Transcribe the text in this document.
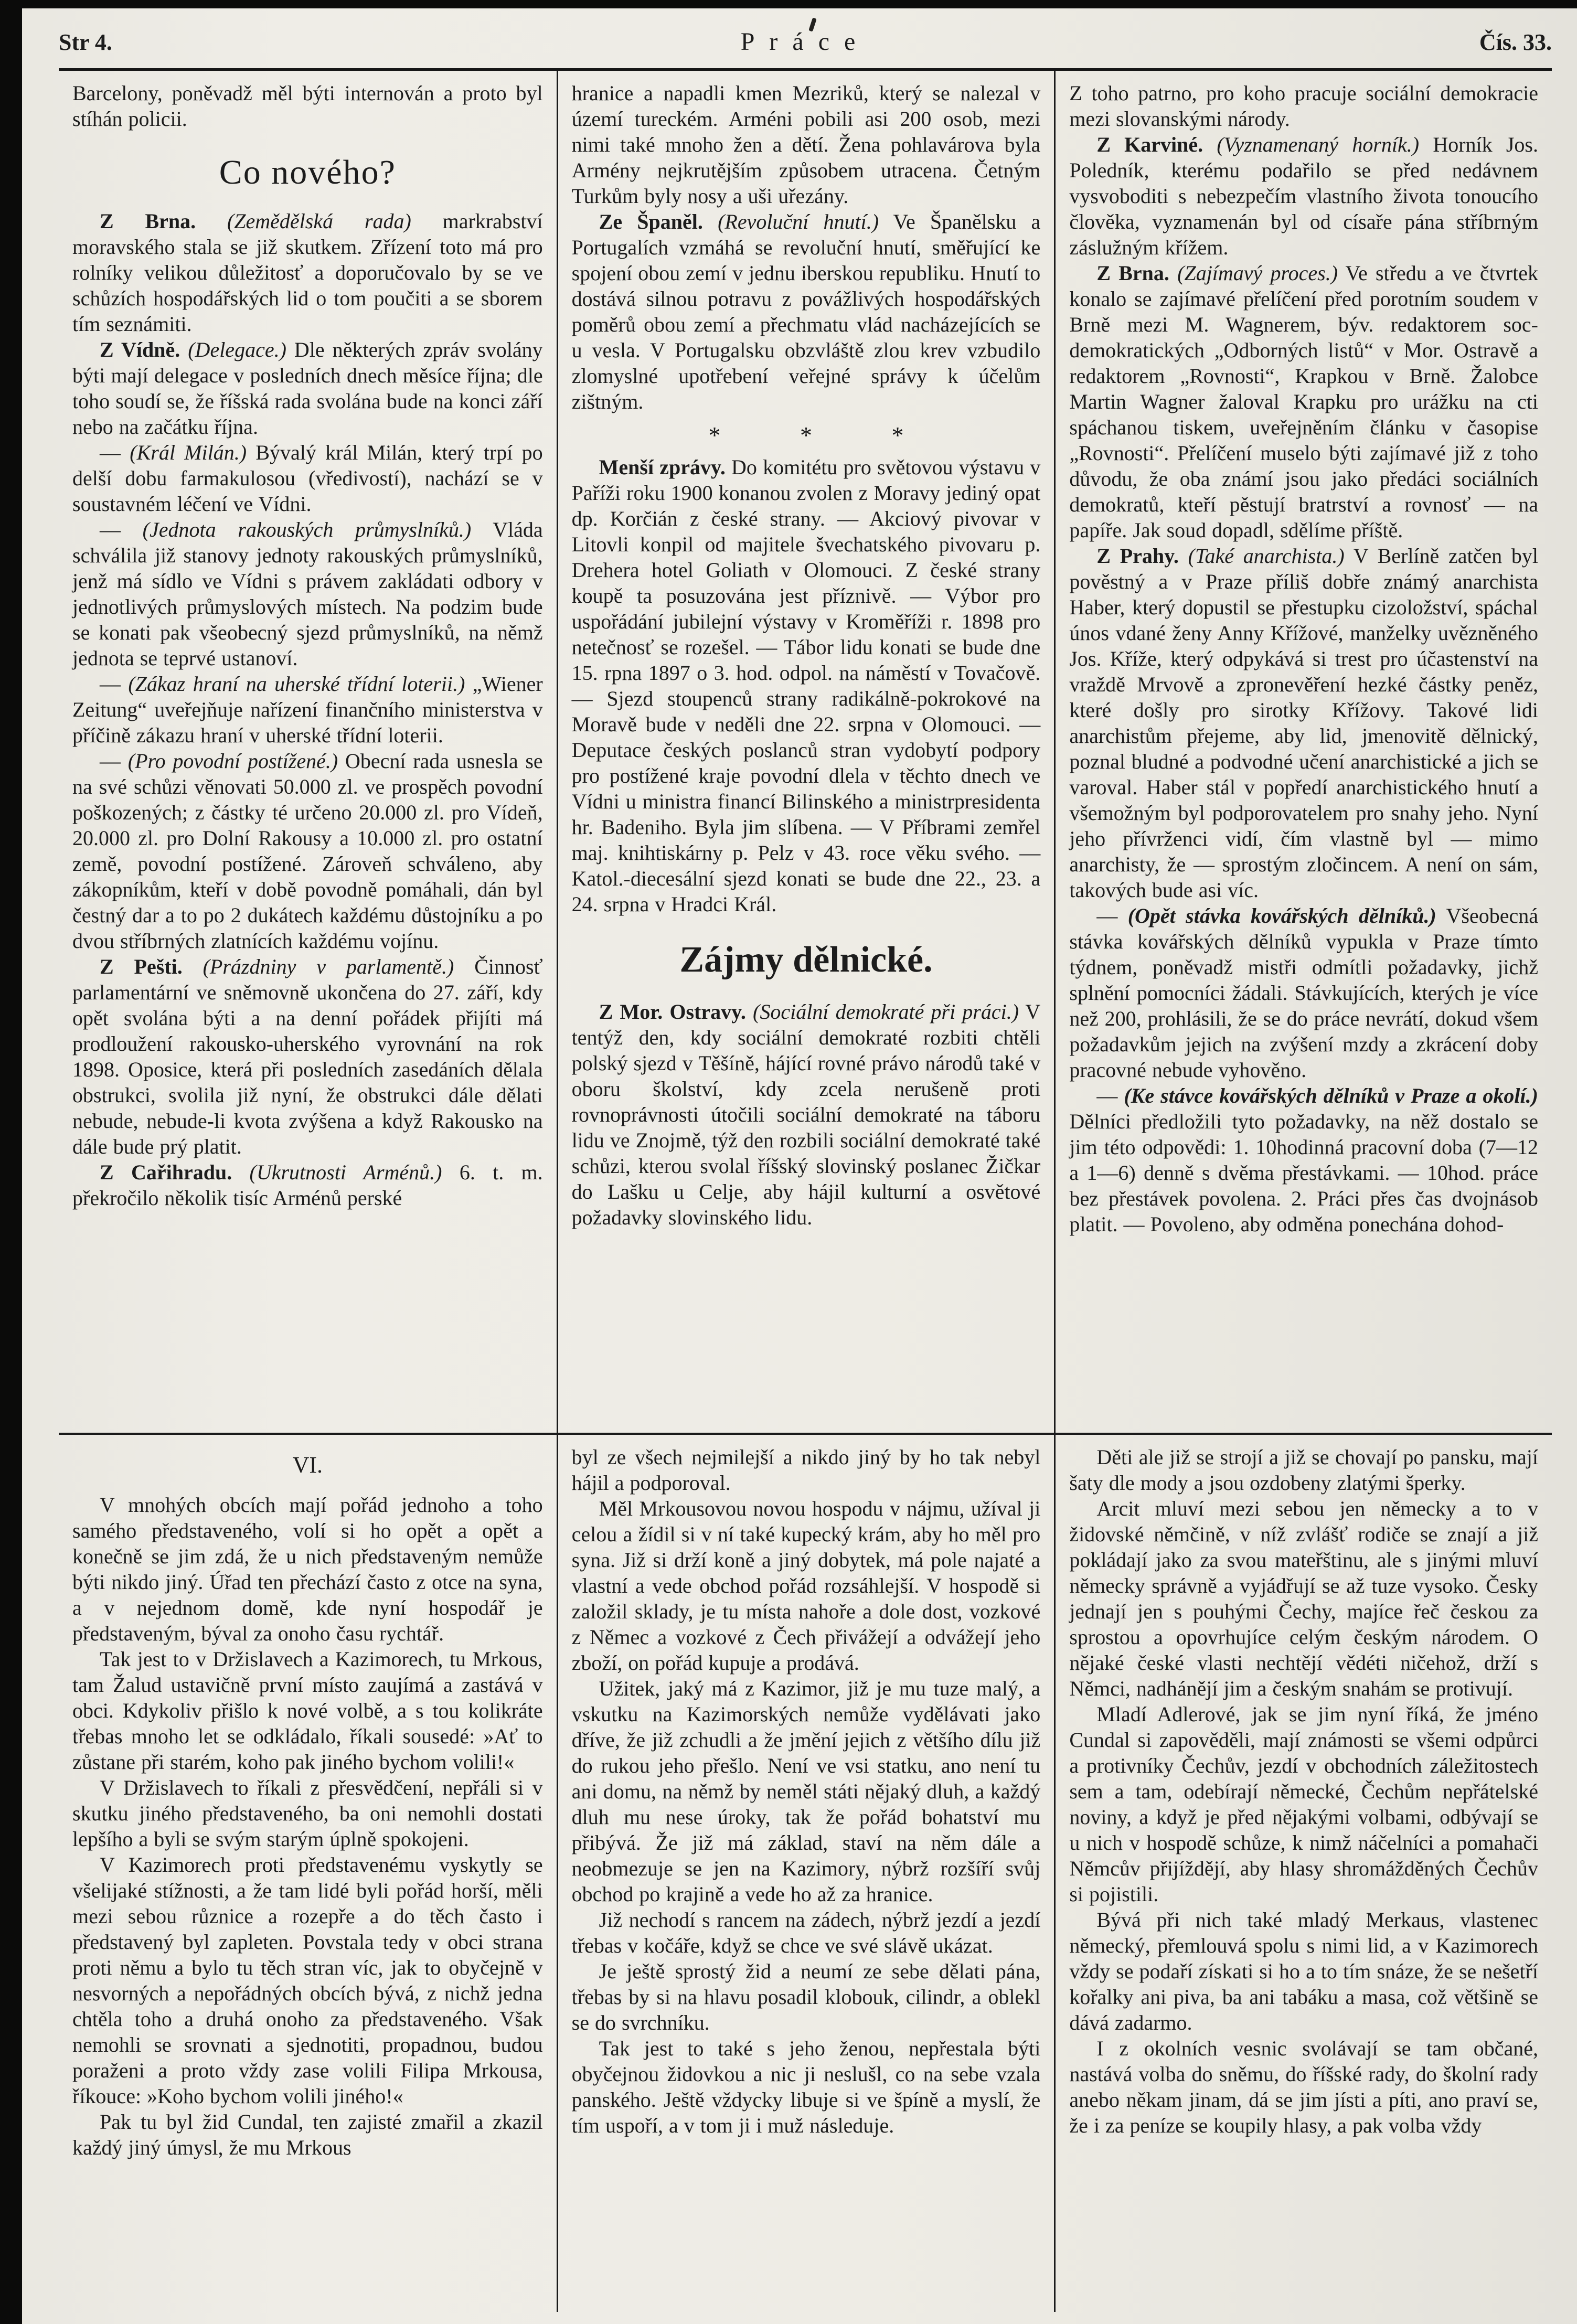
Str 4.	Práce	Čís. 33.

Barcelony, poněvadž měl býti internován a proto byl stíhán policii.

Co nového?

Z Brna. (Zemědělská rada) markrabství moravského stala se již skutkem. Zřízení toto má pro rolníky velikou důležitosť a doporučovalo by se ve schůzích hospodářských lid o tom poučiti a se sborem tím seznámiti.

Z Vídně. (Delegace.) Dle některých zpráv svolány býti mají delegace v posledních dnech měsíce října; dle toho soudí se, že říšská rada svolána bude na konci září nebo na začátku října.

— (Král Milán.) Bývalý král Milán, který trpí po delší dobu farmakulosou (vředivostí), nachází se v soustavném léčení ve Vídni.

— (Jednota rakouských průmyslníků.) Vláda schválila již stanovy jednoty rakouských průmyslníků, jenž má sídlo ve Vídni s právem zakládati odbory v jednotlivých průmyslových místech. Na podzim bude se konati pak všeobecný sjezd průmyslníků, na němž jednota se teprvé ustanoví.

— (Zákaz hraní na uherské třídní loterii.) „Wiener Zeitung“ uveřejňuje nařízení finančního ministerstva v příčině zákazu hraní v uherské třídní loterii.

— (Pro povodní postížené.) Obecní rada usnesla se na své schůzi věnovati 50.000 zl. ve prospěch povodní poškozených; z částky té určeno 20.000 zl. pro Vídeň, 20.000 zl. pro Dolní Rakousy a 10.000 zl. pro ostatní země, povodní postížené. Zároveň schváleno, aby zákopníkům, kteří v době povodně pomáhali, dán byl čestný dar a to po 2 dukátech každému důstojníku a po dvou stříbrných zlatnících každému vojínu.

Z Pešti. (Prázdniny v parlamentě.) Činnosť parlamentární ve sněmovně ukončena do 27. září, kdy opět svolána býti a na denní pořádek přijíti má prodloužení rakousko-uherského vyrovnání na rok 1898. Oposice, která při posledních zasedáních dělala obstrukci, svolila již nyní, že obstrukci dále dělati nebude, nebude-li kvota zvýšena a když Rakousko na dále bude prý platit.

Z Cařihradu. (Ukrutnosti Arménů.) 6. t. m. překročilo několik tisíc Arménů perské

hranice a napadli kmen Mezriků, který se nalezal v území tureckém. Arméni pobili asi 200 osob, mezi nimi také mnoho žen a dětí. Žena pohlavárova byla Armény nejkrutějším způsobem utracena. Četným Turkům byly nosy a uši uřezány.

Ze Španěl. (Revoluční hnutí.) Ve Španělsku a Portugalích vzmáhá se revoluční hnutí, směřující ke spojení obou zemí v jednu iberskou republiku. Hnutí to dostává silnou potravu z povážlivých hospodářských poměrů obou zemí a přechmatu vlád nacházejících se u vesla. V Portugalsku obzvláště zlou krev vzbudilo zlomyslné upotřebení veřejné správy k účelům zištným.

* * *

Menší zprávy. Do komitétu pro světovou výstavu v Paříži roku 1900 konanou zvolen z Moravy jediný opat dp. Korčián z české strany. — Akciový pivovar v Litovli konpil od majitele švechatského pivovaru p. Drehera hotel Goliath v Olomouci. Z české strany koupě ta posuzována jest příznivě. — Výbor pro uspořádání jubilejní výstavy v Kroměříži r. 1898 pro netečnosť se rozešel. — Tábor lidu konati se bude dne 15. rpna 1897 o 3. hod. odpol. na náměstí v Tovačově. — Sjezd stoupenců strany radikálně-pokrokové na Moravě bude v neděli dne 22. srpna v Olomouci. — Deputace českých poslanců stran vydobytí podpory pro postížené kraje povodní dlela v těchto dnech ve Vídni u ministra financí Bilinského a ministrpresidenta hr. Badeniho. Byla jim slíbena. — V Příbrami zemřel maj. knihtiskárny p. Pelz v 43. roce věku svého. — Katol.-diecesální sjezd konati se bude dne 22., 23. a 24. srpna v Hradci Král.

Zájmy dělnické.

Z Mor. Ostravy. (Sociální demokraté při práci.) V tentýž den, kdy sociální demokraté rozbiti chtěli polský sjezd v Těšíně, hájící rovné právo národů také v oboru školství, kdy zcela nerušeně proti rovnoprávnosti útočili sociální demokraté na táboru lidu ve Znojmě, týž den rozbili sociální demokraté také schůzi, kterou svolal říšský slovinský poslanec Žičkar do Lašku u Celje, aby hájil kulturní a osvětové požadavky slovinského lidu.

Z toho patrno, pro koho pracuje sociální demokracie mezi slovanskými národy.

Z Karviné. (Vyznamenaný horník.) Horník Jos. Poledník, kterému podařilo se před nedávnem vysvoboditi s nebezpečím vlastního života tonoucího člověka, vyznamenán byl od císaře pána stříbrným záslužným křížem.

Z Brna. (Zajímavý proces.) Ve středu a ve čtvrtek konalo se zajímavé přelíčení před porotním soudem v Brně mezi M. Wagnerem, býv. redaktorem soc-demokratických „Odborných listů“ v Mor. Ostravě a redaktorem „Rovnosti“, Krapkou v Brně. Žalobce Martin Wagner žaloval Krapku pro urážku na cti spáchanou tiskem, uveřejněním článku v časopise „Rovnosti“. Přelíčení muselo býti zajímavé již z toho důvodu, že oba známí jsou jako předáci sociálních demokratů, kteří pěstují bratrství a rovnosť — na papíře. Jak soud dopadl, sdělíme příště.

Z Prahy. (Také anarchista.) V Berlíně zatčen byl pověstný a v Praze příliš dobře známý anarchista Haber, který dopustil se přestupku cizoložství, spáchal únos vdané ženy Anny Křížové, manželky uvězněného Jos. Kříže, který odpykává si trest pro účastenství na vraždě Mrvově a zpronevěření hezké částky peněz, které došly pro sirotky Křížovy. Takové lidi anarchistům přejeme, aby lid, jmenovitě dělnický, poznal bludné a podvodné učení anarchistické a jich se varoval. Haber stál v popředí anarchistického hnutí a všemožným byl podporovatelem pro snahy jeho. Nyní jeho přívrženci vidí, čím vlastně byl — mimo anarchisty, že — sprostým zločincem. A není on sám, takových bude asi víc.

— (Opět stávka kovářských dělníků.) Všeobecná stávka kovářských dělníků vypukla v Praze tímto týdnem, poněvadž mistři odmítli požadavky, jichž splnění pomocníci žádali. Stávkujících, kterých je více než 200, prohlásili, že se do práce nevrátí, dokud všem požadavkům jejich na zvýšení mzdy a zkrácení doby pracovné nebude vyhověno.

— (Ke stávce kovářských dělníků v Praze a okolí.) Dělníci předložili tyto požadavky, na něž dostalo se jim této odpovědi: 1. 10hodinná pracovní doba (7—12 a 1—6) denně s dvěma přestávkami. — 10hod. práce bez přestávek povolena. 2. Práci přes čas dvojnásob platit. — Povoleno, aby odměna ponechána dohod-

VI.

V mnohých obcích mají pořád jednoho a toho samého představeného, volí si ho opět a opět a konečně se jim zdá, že u nich představeným nemůže býti nikdo jiný. Úřad ten přechází často z otce na syna, a v nejednom domě, kde nyní hospodář je představeným, býval za onoho času rychtář.

Tak jest to v Držislavech a Kazimorech, tu Mrkous, tam Žalud ustavičně první místo zaujímá a zastává v obci. Kdykoliv přišlo k nové volbě, a s tou kolikráte třebas mnoho let se odkládalo, říkali sousedé: »Ať to zůstane při starém, koho pak jiného bychom volili!«

V Držislavech to říkali z přesvědčení, nepřáli si v skutku jiného představeného, ba oni nemohli dostati lepšího a byli se svým starým úplně spokojeni.

V Kazimorech proti představenému vyskytly se všelijaké stížnosti, a že tam lidé byli pořád horší, měli mezi sebou různice a rozepře a do těch často i představený byl zapleten. Povstala tedy v obci strana proti němu a bylo tu těch stran víc, jak to obyčejně v nesvorných a nepořádných obcích bývá, z nichž jedna chtěla toho a druhá onoho za představeného. Však nemohli se srovnati a sjednotiti, propadnou, budou poraženi a proto vždy zase volili Filipa Mrkousa, říkouce: »Koho bychom volili jiného!«

Pak tu byl žid Cundal, ten zajisté zmařil a zkazil každý jiný úmysl, že mu Mrkous

byl ze všech nejmilejší a nikdo jiný by ho tak nebyl hájil a podporoval.

Měl Mrkousovou novou hospodu v nájmu, užíval ji celou a žídil si v ní také kupecký krám, aby ho měl pro syna. Již si drží koně a jiný dobytek, má pole najaté a vlastní a vede obchod pořád rozsáhlejší. V hospodě si založil sklady, je tu místa nahoře a dole dost, vozkové z Němec a vozkové z Čech přivážejí a odvážejí jeho zboží, on pořád kupuje a prodává.

Užitek, jaký má z Kazimor, již je mu tuze malý, a vskutku na Kazimorských nemůže vydělávati jako dříve, že již zchudli a že jmění jejich z většího dílu již do rukou jeho přešlo. Není ve vsi statku, ano není tu ani domu, na němž by neměl státi nějaký dluh, a každý dluh mu nese úroky, tak že pořád bohatství mu přibývá. Že již má základ, staví na něm dále a neobmezuje se jen na Kazimory, nýbrž rozšíří svůj obchod po krajině a vede ho až za hranice.

Již nechodí s rancem na zádech, nýbrž jezdí a jezdí třebas v kočáře, když se chce ve své slávě ukázat.

Je ještě sprostý žid a neumí ze sebe dělati pána, třebas by si na hlavu posadil klobouk, cilindr, a oblekl se do svrchníku.

Tak jest to také s jeho ženou, nepřestala býti obyčejnou židovkou a nic ji neslušl, co na sebe vzala panského. Ještě vždycky libuje si ve špíně a myslí, že tím uspoří, a v tom ji i muž následuje.

Děti ale již se strojí a již se chovají po pansku, mají šaty dle mody a jsou ozdobeny zlatými šperky.

Arcit mluví mezi sebou jen německy a to v židovské němčině, v níž zvlášť rodiče se znají a již pokládají jako za svou mateřštinu, ale s jinými mluví německy správně a vyjádřují se až tuze vysoko. Česky jednají jen s pouhými Čechy, majíce řeč českou za sprostou a opovrhujíce celým českým národem. O nějaké české vlasti nechtějí vědéti ničehož, drží s Němci, nadhánějí jim a českým snahám se protivují.

Mladí Adlerové, jak se jim nyní říká, že jméno Cundal si zapověděli, mají známosti se všemi odpůrci a protivníky Čechův, jezdí v obchodních záležitostech sem a tam, odebírají německé, Čechům nepřátelské noviny, a když je před nějakými volbami, odbývají se u nich v hospodě schůze, k nimž náčelníci a pomahači Němcův přijíždějí, aby hlasy shromážděných Čechův si pojistili.

Bývá při nich také mladý Merkaus, vlastenec německý, přemlouvá spolu s nimi lid, a v Kazimorech vždy se podaří získati si ho a to tím snáze, že se nešetří kořalky ani piva, ba ani tabáku a masa, což většině se dává zadarmo.

I z okolních vesnic svolávají se tam občané, nastává volba do sněmu, do říšské rady, do školní rady anebo někam jinam, dá se jim jísti a píti, ano praví se, že i za peníze se koupily hlasy, a pak volba vždy
